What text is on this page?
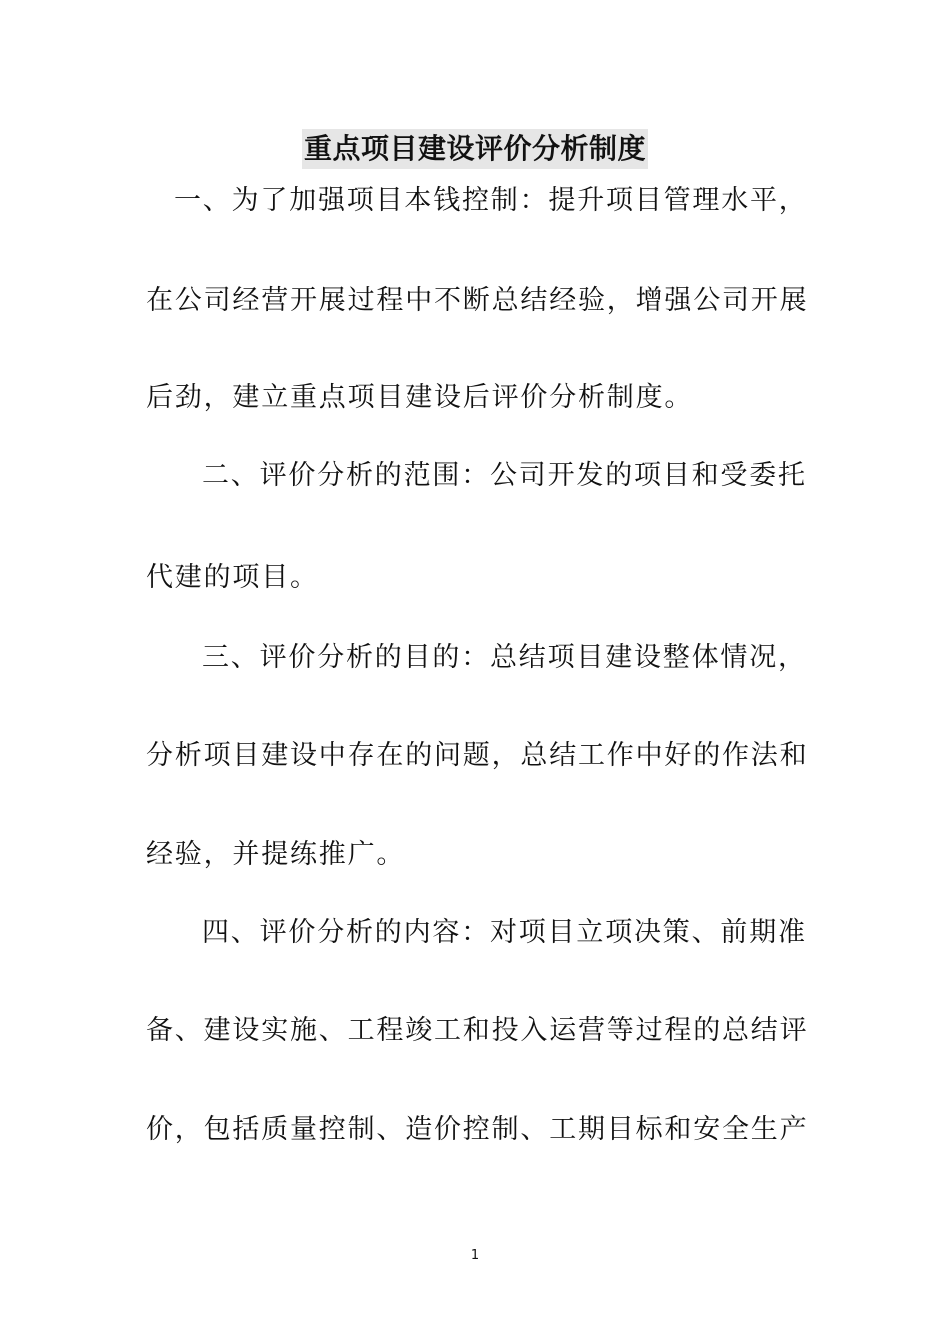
重点项目建设评价分析制度

一、为了加强项目本钱控制：提升项目管理水平，

在公司经营开展过程中不断总结经验，增强公司开展

后劲，建立重点项目建设后评价分析制度。

二、评价分析的范围：公司开发的项目和受委托

代建的项目。

三、评价分析的目的：总结项目建设整体情况，

分析项目建设中存在的问题，总结工作中好的作法和

经验，并提练推广。

四、评价分析的内容：对项目立项决策、前期准

备、建设实施、工程竣工和投入运营等过程的总结评

价，包括质量控制、造价控制、工期目标和安全生产

1
